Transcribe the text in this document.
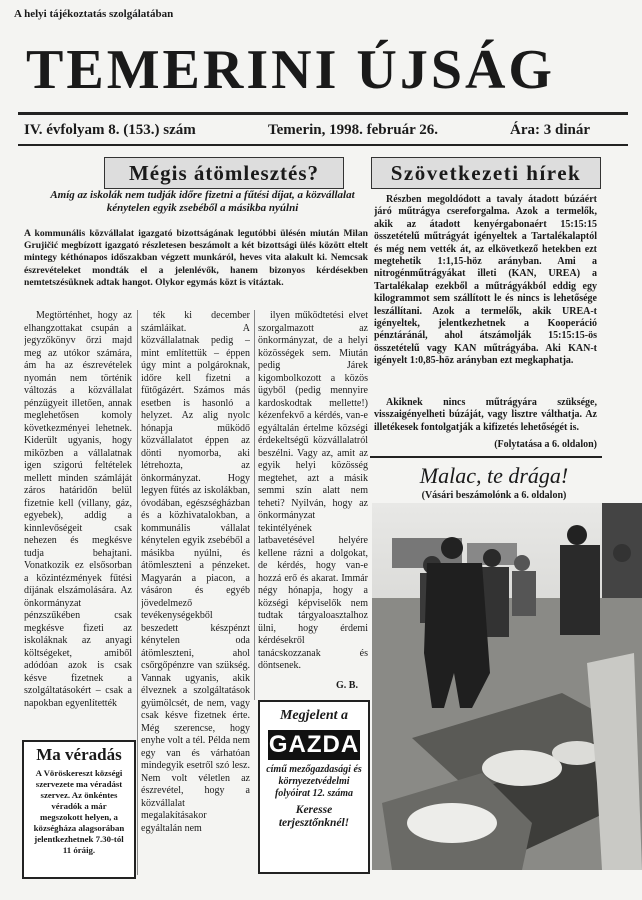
A helyi tájékoztatás szolgálatában
TEMERINI ÚJSÁG
IV. évfolyam 8. (153.) szám	Temerin, 1998. február 26.	Ára: 3 dinár
Mégis átömlesztés?
Amíg az iskolák nem tudják időre fizetni a fűtési díjat, a közvállalat kénytelen egyik zsebéből a másikba nyúlni
A kommunális közvállalat igazgató bizottságának legutóbbi ülésén miután Milan Grujičić megbízott igazgató részletesen beszámolt a két bizottsági ülés között eltelt mintegy kéthónapos időszakban végzett munkáról, heves vita alakult ki. Nemcsak észrevételeket mondták el a jelenlévők, hanem bizonyos kérdésekben nemtetszésüknek adtak hangot. Olykor egymás közt is vitáztak.

Megtörténhet, hogy az elhangzottakat csupán a jegyzőkönyv őrzi majd meg az utókor számára, ám ha az észrevételek nyomán nem történik változás a közvállalat pénzügyeit illetően, annak meglehetősen komoly következményei lehetnek. Kiderült ugyanis, hogy miközben a vállalatnak igen szigorú feltételek mellett minden számláját záros határidőn belül fizetnie kell (villany, gáz, egyebek), addig a kinnlevőségeit csak nehezen és megkésve tudja behajtani. Vonatkozik ez elsősorban a közintézmények fűtési díjának elszámolására. Az önkormányzat pénzszűkében csak megkésve fizeti az iskoláknak az anyagi költségeket, amiből adódóan azok is csak késve fizetnek a szolgáltatásokért – csak a napokban egyenlítették

ték ki december számláikat. A közvállalatnak pedig – mint említettük – éppen úgy mint a polgároknak, időre kell fizetni a fűtőgázért. Számos más esetben is hasonló a helyzet. Az alig nyolc hónapja működő közvállalatot éppen az dönti nyomorba, aki létrehozta, az önkormányzat. Hogy legyen fűtés az iskolákban, óvodában, egészségházban és a közhivatalokban, a kommunális vállalat kénytelen egyik zsebéből a másikba nyúlni, és átömleszteni a pénzeket. Magyarán a piacon, a vásáron és egyéb jövedelmező tevékenységekből beszedett készpénzt kénytelen oda átömleszteni, ahol csőrgőpénzre van szükség. Vannak ugyanis, akik élveznek a szolgáltatások gyümölcsét, de nem, vagy csak késve fizetnek érte. Még szerencse, hogy enyhe volt a tél. Példa nem egy van és várhatóan mindegyik esetről szó lesz. Nem volt véletlen az észrevétel, hogy a közvállalat megalakításakor egyáltalán nem

ilyen működtetési elvet szorgalmazott az önkormányzat, de a helyi közösségek sem. Miután pedig Járek kigombolkozott a közös ügyből (pedig mennyire kardoskodtak mellette!) kézenfekvő a kérdés, van-e egyáltalán értelme községi érdekeltségű közvállalatról beszélni. Vagy az, amit az egyik helyi közösség megtehet, azt a másik semmi szín alatt nem teheti? Nyilván, hogy az önkormányzat tekintélyének latbavetésével helyére kellene rázni a dolgokat, de kérdés, hogy van-e hozzá erő és akarat. Immár négy hónapja, hogy a községi képviselők nem tudtak tárgyaloasztalhoz ülni, hogy érdemi kérdésekről tanácskozzanak és döntsenek.

G. B.
Ma véradás
A Vöröskereszt községi szervezete ma véradást szervez. Az önkéntes véradók a már megszokott helyen, a községháza alagsorában jelentkezhetnek 7.30-tól 11 óráig.
Megjelent a
GAZDA
című mezőgazdasági és környezetvédelmi folyóirat 12. száma
Keresse terjesztőnknél!
Szövetkezeti hírek

Részben megoldódott a tavaly átadott búzáért járó műtrágya csereforgalma. Azok a termelők, akik az átadott kenyérgabonaért 15:15:15 összetételű műtrágyát igényeltek a Tartalékalaptól és még nem vették át, az elkövetkező hetekben ezt megtehetik 1:1,15-höz arányban. Ami a nitrogénműtrágyákat illeti (KAN, UREA) a Tartalékalap ezekből a műtrágyákból eddig egy kilogrammot sem szállított le és nincs is lehetősége leszállítani. Azok a termelők, akik UREA-t igényeltek, jelentkezhetnek a Kooperáció pénztáránál, ahol átszámolják 15:15:15-ös összetételű vagy KAN műtrágyába. Aki KAN-t igényelt 1:0,85-höz arányban ezt megkaphatja.

Akiknek nincs műtrágyára szüksége, visszaigényelheti búzáját, vagy lisztre válthatja. Az illetékesek fontolgatják a kifizetés lehetőségét is.

(Folytatása a 6. oldalon)
Malac, te drága!
(Vásári beszámolónk a 6. oldalon)
